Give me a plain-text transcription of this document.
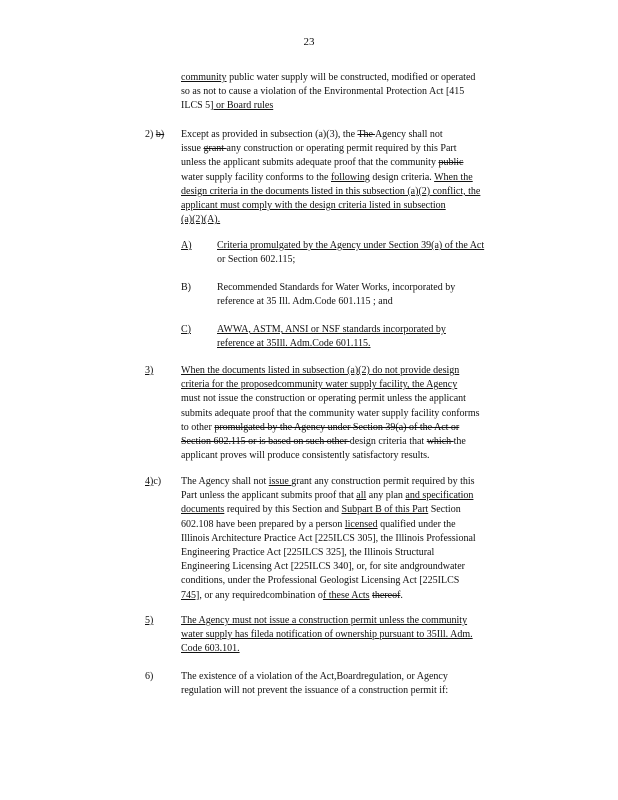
23
community public water supply will be constructed, modified or operated
so as not to cause a violation of the Environmental Protection Act [415
ILCS 5] or Board rules
2) b) Except as provided in subsection (a)(3), the The Agency shall not
issue grant any construction or operating permit required by this Part
unless the applicant submits adequate proof that the community public
water supply facility conforms to the following design criteria. When the
design criteria in the documents listed in this subsection (a)(2) conflict, the
applicant must comply with the design criteria listed in subsection
(a)(2)(A).
A)	Criteria promulgated by the Agency under Section 39(a) of the Act
or Section 602.115;
B)	Recommended Standards for Water Works, incorporated by
reference at 35 Ill. Adm.Code 601.115 ; and
C)	AWWA, ASTM, ANSI or NSF standards incorporated by
reference at 35Ill. Adm.Code 601.115.
3)	When the documents listed in subsection (a)(2) do not provide design
criteria for the proposedcommunity water supply facility, the Agency
must not issue the construction or operating permit unless the applicant
submits adequate proof that the community water supply facility conforms
to other promulgated by the Agency under Section 39(a) of the Act or
Section 602.115 or is based on such other design criteria that which the
applicant proves will produce consistently satisfactory results.
4)c) The Agency shall not issue grant any construction permit required by this
Part unless the applicant submits proof that all any plan and specification
documents required by this Section and Subpart B of this Part Section
602.108 have been prepared by a person licensed qualified under the
Illinois Architecture Practice Act [225ILCS 305], the Illinois Professional
Engineering Practice Act [225ILCS 325], the Illinois Structural
Engineering Licensing Act [225ILCS 340], or, for site andgroundwater
conditions, under the Professional Geologist Licensing Act [225ILCS
745], or any requiredcombination of these Acts thereof.
5)	The Agency must not issue a construction permit unless the community
water supply has fileda notification of ownership pursuant to 35Ill. Adm.
Code 603.101.
6)	The existence of a violation of the Act,Boardregulation, or Agency
regulation will not prevent the issuance of a construction permit if:
